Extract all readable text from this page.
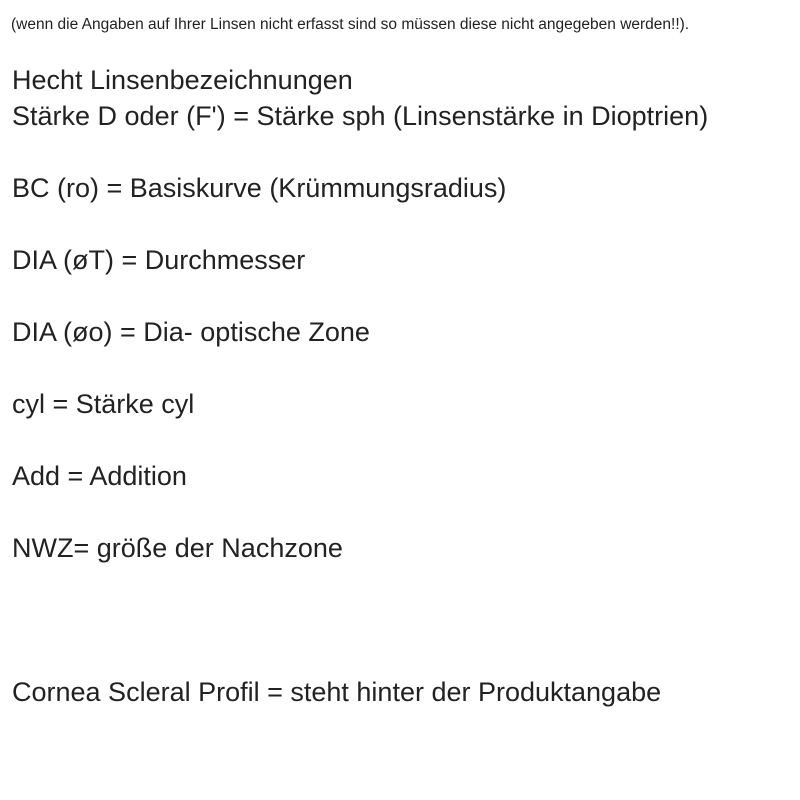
(wenn die Angaben auf Ihrer Linsen nicht erfasst sind so müssen diese nicht angegeben werden!!).
Hecht Linsenbezeichnungen
Stärke D oder (F') = Stärke sph (Linsenstärke in Dioptrien)
BC (ro) = Basiskurve (Krümmungsradius)
DIA (øT) = Durchmesser
DIA (øo) = Dia- optische Zone
cyl = Stärke cyl
Add = Addition
NWZ= größe der Nachzone
Cornea Scleral Profil = steht hinter der Produktangabe
